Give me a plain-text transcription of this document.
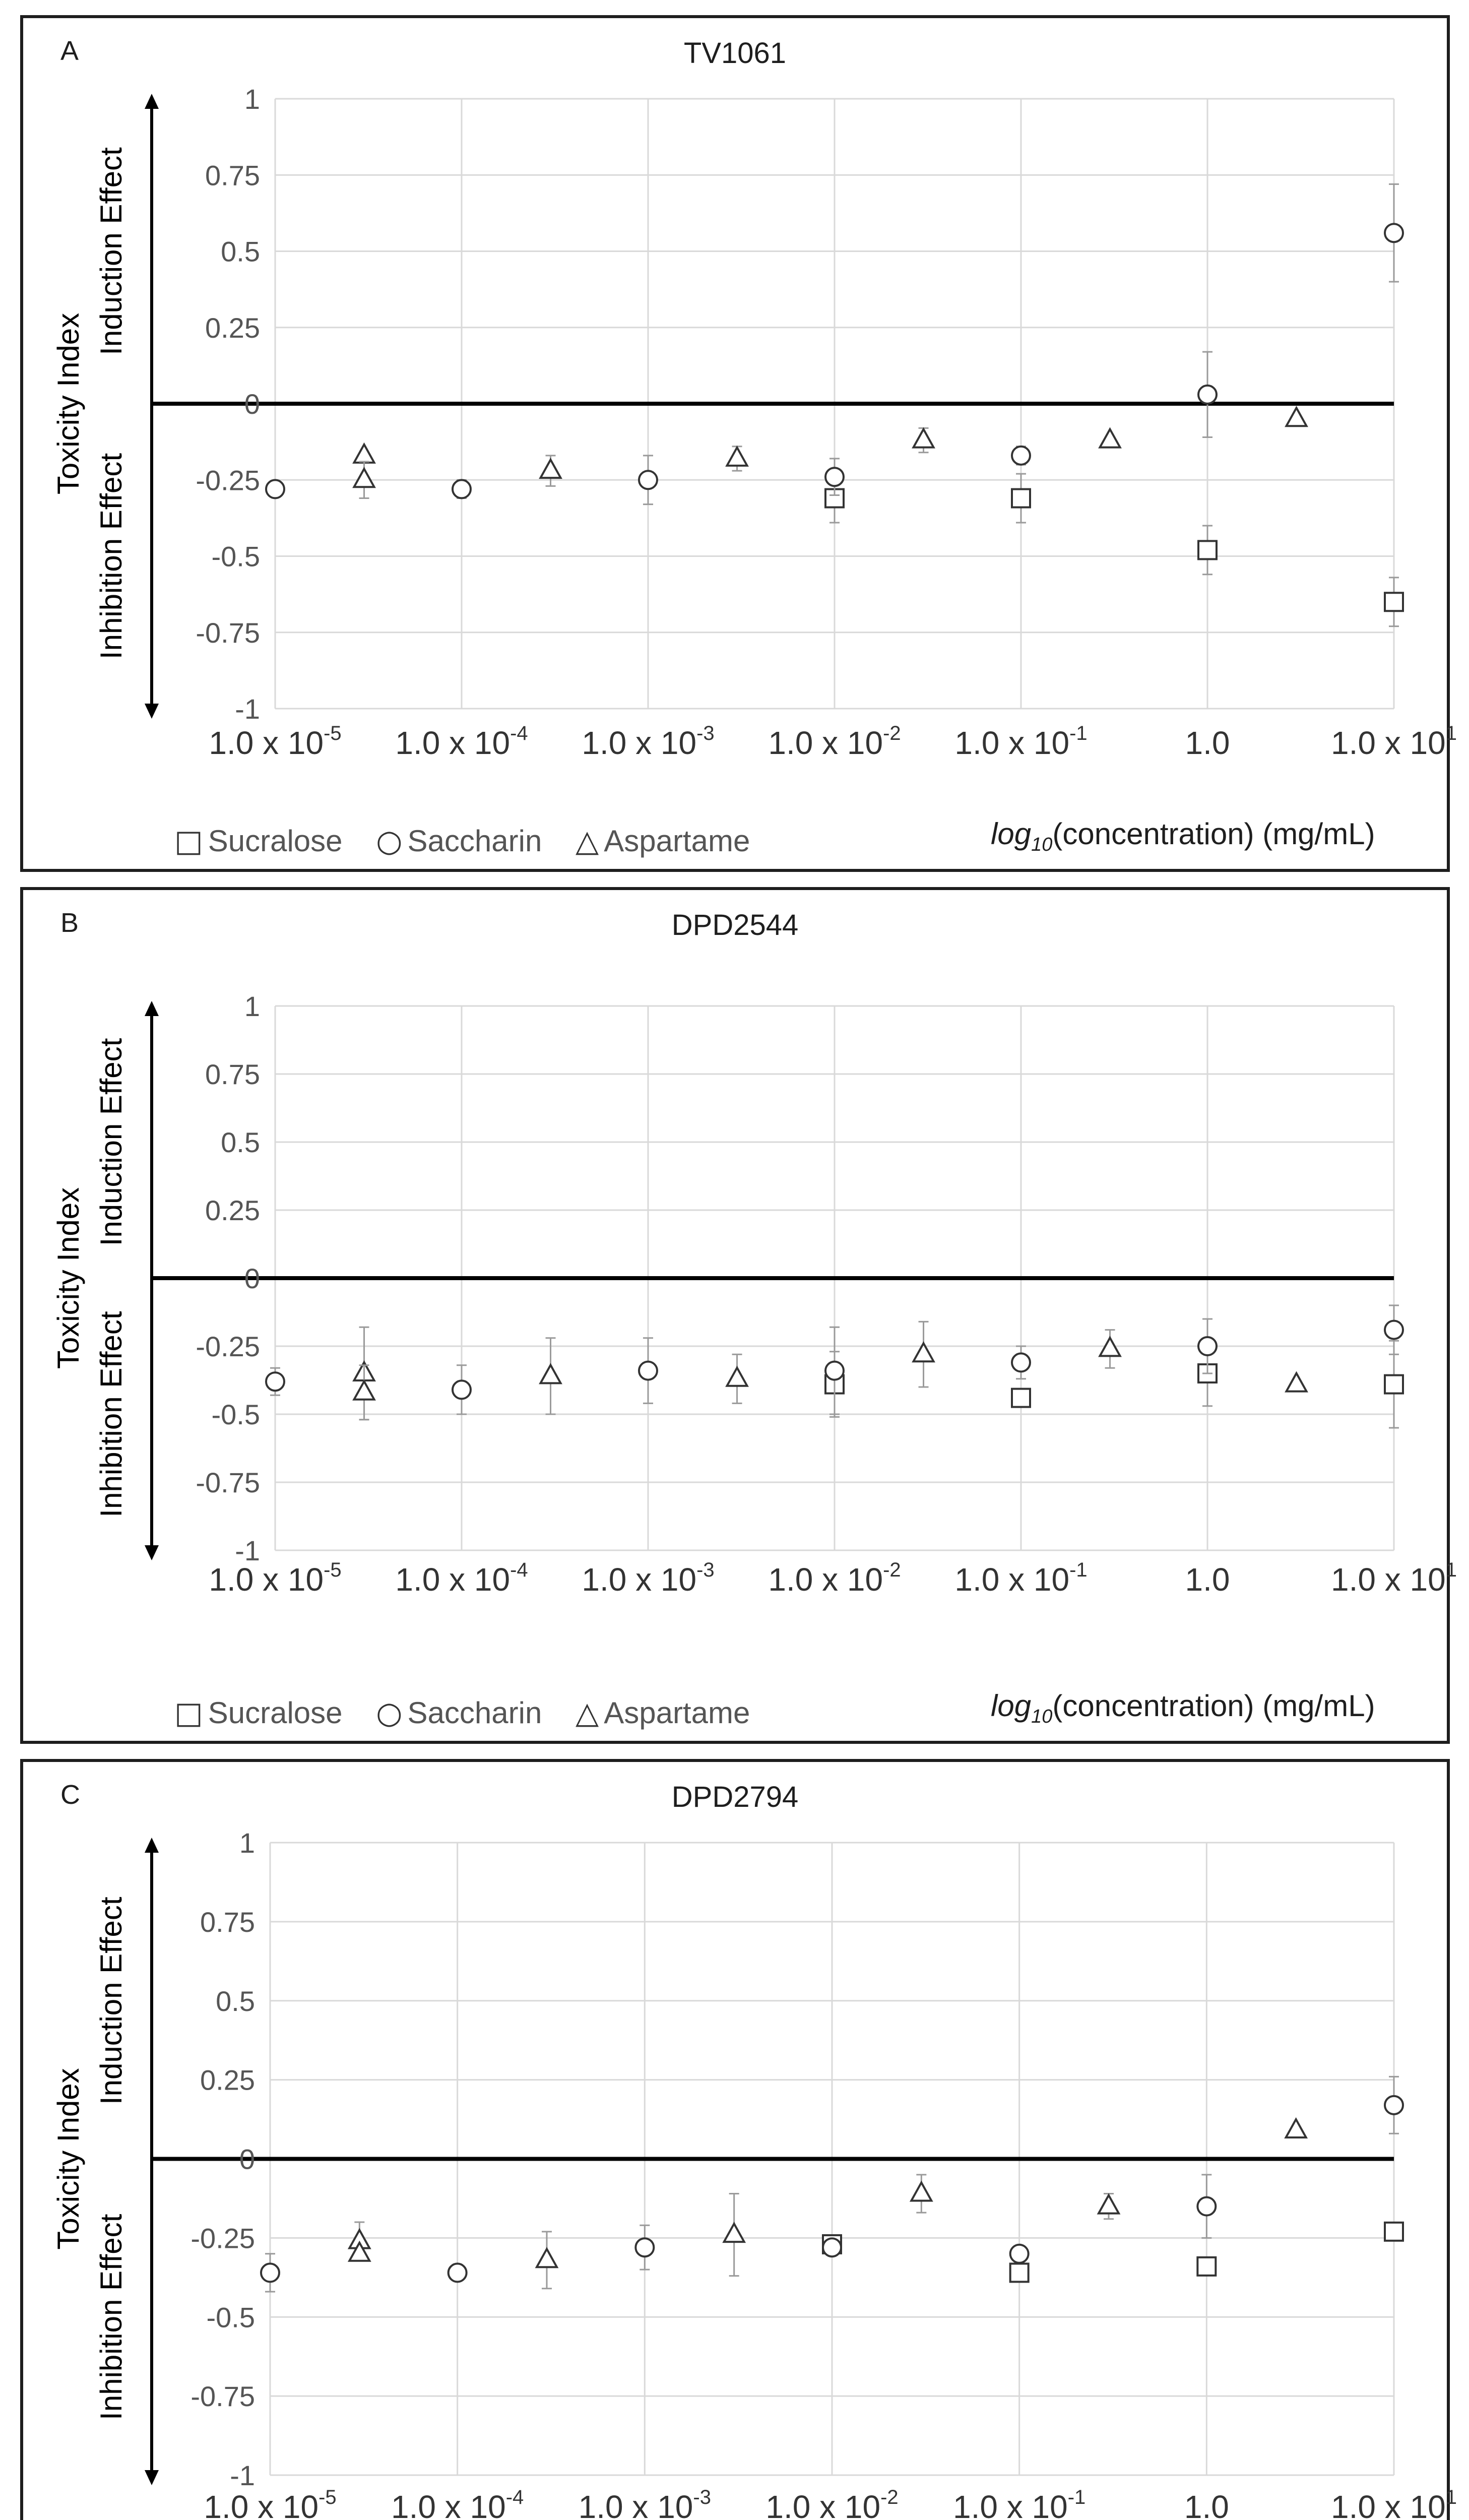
A	TV1061
1
0.75
0.5
0.25
0
-0.25
-0.5
-0.75
-1
1.0 x $10^{-5}$ 1.0 x $10^{-4}$ 1.0 x $10^{-3}$ 1.0 x $10^{-2}$ 1.0 x $10^{-1}$	1.0	1.0 x $10^1$
Toxicity Index
Induction Effect
Inhibition Effect
□ Sucralose ○ Saccharin △ Aspartame	$\log_{10}(concentration)$ (mg/mL)
B	DPD2544
1
0.75
0.5
0.25
0
-0.25
-0.5
-0.75
-1
1.0 x $10^{-5}$ 1.0 x $10^{-4}$ 1.0 x $10^{-3}$ 1.0 x $10^{-2}$ 1.0 x $10^{-1}$	1.0	1.0 x $10^1$
Toxicity Index
Induction Effect
Inhibition Effect
□ Sucralose ○ Saccharin △ Aspartame	$\log_{10}(concentration)$ (mg/mL)
C	DPD2794
1
0.75
0.5
0.25
0
-0.25
-0.5
-0.75
-1
1.0 x $10^{-5}$ 1.0 x $10^{-4}$ 1.0 x $10^{-3}$ 1.0 x $10^{-2}$ 1.0 x $10^{-1}$	1.0	1.0 x $10^1$
Toxicity Index
Induction Effect
Inhibition Effect
